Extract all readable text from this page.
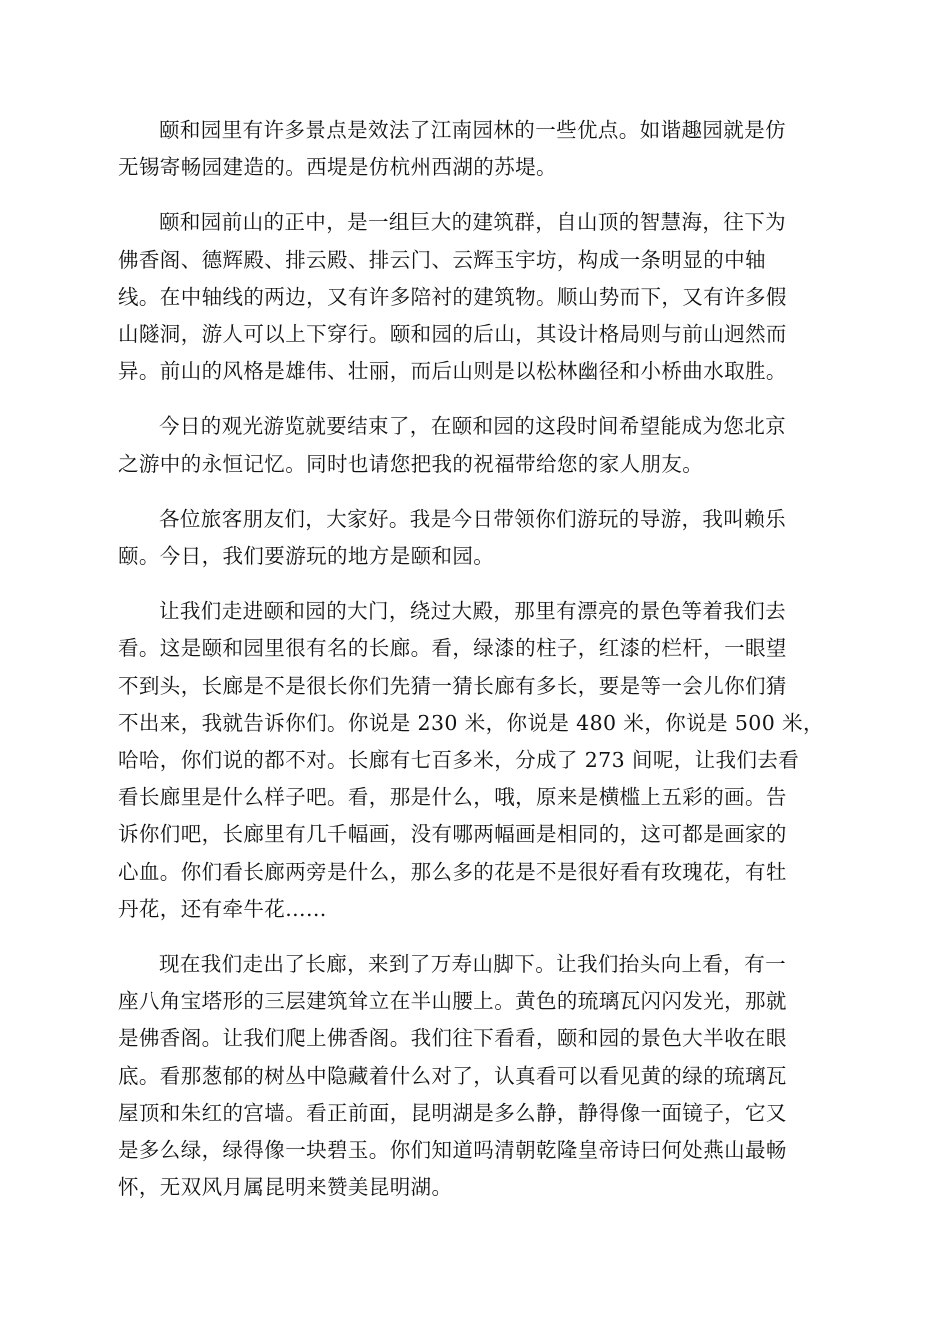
颐和园里有许多景点是效法了江南园林的一些优点。如谐趣园就是仿
无锡寄畅园建造的。西堤是仿杭州西湖的苏堤。

颐和园前山的正中，是一组巨大的建筑群，自山顶的智慧海，往下为
佛香阁、德辉殿、排云殿、排云门、云辉玉宇坊，构成一条明显的中轴
线。在中轴线的两边，又有许多陪衬的建筑物。顺山势而下，又有许多假
山隧洞，游人可以上下穿行。颐和园的后山，其设计格局则与前山迥然而
异。前山的风格是雄伟、壮丽，而后山则是以松林幽径和小桥曲水取胜。

今日的观光游览就要结束了，在颐和园的这段时间希望能成为您北京
之游中的永恒记忆。同时也请您把我的祝福带给您的家人朋友。

各位旅客朋友们，大家好。我是今日带领你们游玩的导游，我叫赖乐
颐。今日，我们要游玩的地方是颐和园。

让我们走进颐和园的大门，绕过大殿，那里有漂亮的景色等着我们去
看。这是颐和园里很有名的长廊。看，绿漆的柱子，红漆的栏杆，一眼望
不到头，长廊是不是很长你们先猜一猜长廊有多长，要是等一会儿你们猜
不出来，我就告诉你们。你说是 230 米，你说是 480 米，你说是 500 米，
哈哈，你们说的都不对。长廊有七百多米，分成了 273 间呢，让我们去看
看长廊里是什么样子吧。看，那是什么，哦，原来是横槛上五彩的画。告
诉你们吧，长廊里有几千幅画，没有哪两幅画是相同的，这可都是画家的
心血。你们看长廊两旁是什么，那么多的花是不是很好看有玫瑰花，有牡
丹花，还有牵牛花......

现在我们走出了长廊，来到了万寿山脚下。让我们抬头向上看，有一
座八角宝塔形的三层建筑耸立在半山腰上。黄色的琉璃瓦闪闪发光，那就
是佛香阁。让我们爬上佛香阁。我们往下看看，颐和园的景色大半收在眼
底。看那葱郁的树丛中隐藏着什么对了，认真看可以看见黄的绿的琉璃瓦
屋顶和朱红的宫墙。看正前面，昆明湖是多么静，静得像一面镜子，它又
是多么绿，绿得像一块碧玉。你们知道吗清朝乾隆皇帝诗曰何处燕山最畅
怀，无双风月属昆明来赞美昆明湖。
